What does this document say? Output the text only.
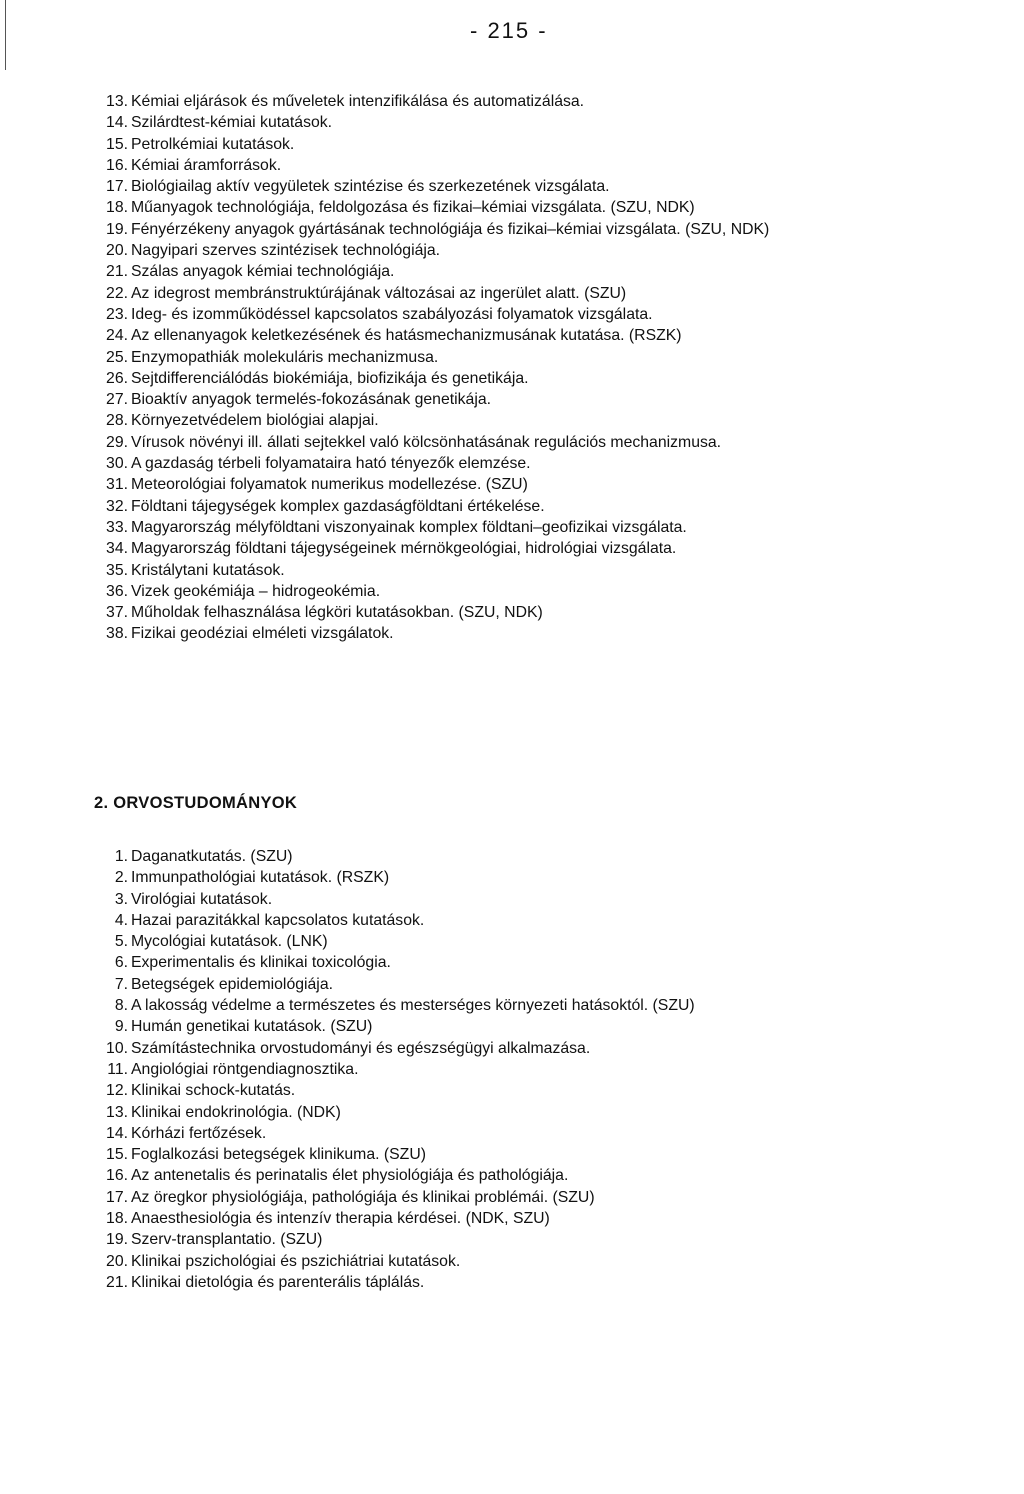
- 215 -
13. Kémiai eljárások és műveletek intenzifikálása és automatizálása.
14. Szilárdtest-kémiai kutatások.
15. Petrolkémiai kutatások.
16. Kémiai áramforrások.
17. Biológiailag aktív vegyületek szintézise és szerkezetének vizsgálata.
18. Műanyagok technológiája, feldolgozása és fizikai–kémiai vizsgálata. (SZU, NDK)
19. Fényérzékeny anyagok gyártásának technológiája és fizikai–kémiai vizsgálata. (SZU, NDK)
20. Nagyipari szerves szintézisek technológiája.
21. Szálas anyagok kémiai technológiája.
22. Az idegrost membránstruktúrájának változásai az ingerület alatt. (SZU)
23. Ideg- és izomműködéssel kapcsolatos szabályozási folyamatok vizsgálata.
24. Az ellenanyagok keletkezésének és hatásmechanizmusának kutatása. (RSZK)
25. Enzymopathiák molekuláris mechanizmusa.
26. Sejtdifferenciálódás biokémiája, biofizikája és genetikája.
27. Bioaktív anyagok termelés-fokozásának genetikája.
28. Környezetvédelem biológiai alapjai.
29. Vírusok növényi ill. állati sejtekkel való kölcsönhatásának regulációs mechanizmusa.
30. A gazdaság térbeli folyamataira ható tényezők elemzése.
31. Meteorológiai folyamatok numerikus modellezése. (SZU)
32. Földtani tájegységek komplex gazdaságföldtani értékelése.
33. Magyarország mélyföldtani viszonyainak komplex földtani–geofizikai vizsgálata.
34. Magyarország földtani tájegységeinek mérnökgeológiai, hidrológiai vizsgálata.
35. Kristálytani kutatások.
36. Vizek geokémiája – hidrogeokémia.
37. Műholdak felhasználása légköri kutatásokban. (SZU, NDK)
38. Fizikai geodéziai elméleti vizsgálatok.
2. ORVOSTUDOMÁNYOK
1. Daganatkutatás. (SZU)
2. Immunpathológiai kutatások. (RSZK)
3. Virológiai kutatások.
4. Hazai parazitákkal kapcsolatos kutatások.
5. Mycológiai kutatások. (LNK)
6. Experimentalis és klinikai toxicológia.
7. Betegségek epidemiológiája.
8. A lakosság védelme a természetes és mesterséges környezeti hatásoktól. (SZU)
9. Humán genetikai kutatások. (SZU)
10. Számítástechnika orvostudományi és egészségügyi alkalmazása.
11. Angiológiai röntgendiagnosztika.
12. Klinikai schock-kutatás.
13. Klinikai endokrinológia. (NDK)
14. Kórházi fertőzések.
15. Foglalkozási betegségek klinikuma. (SZU)
16. Az antenetalis és perinatalis élet physiológiája és pathológiája.
17. Az öregkor physiológiája, pathológiája és klinikai problémái. (SZU)
18. Anaesthesiológia és intenzív therapia kérdései. (NDK, SZU)
19. Szerv-transplantatio. (SZU)
20. Klinikai pszichológiai és pszichiátriai kutatások.
21. Klinikai dietológia és parenterális táplálás.
